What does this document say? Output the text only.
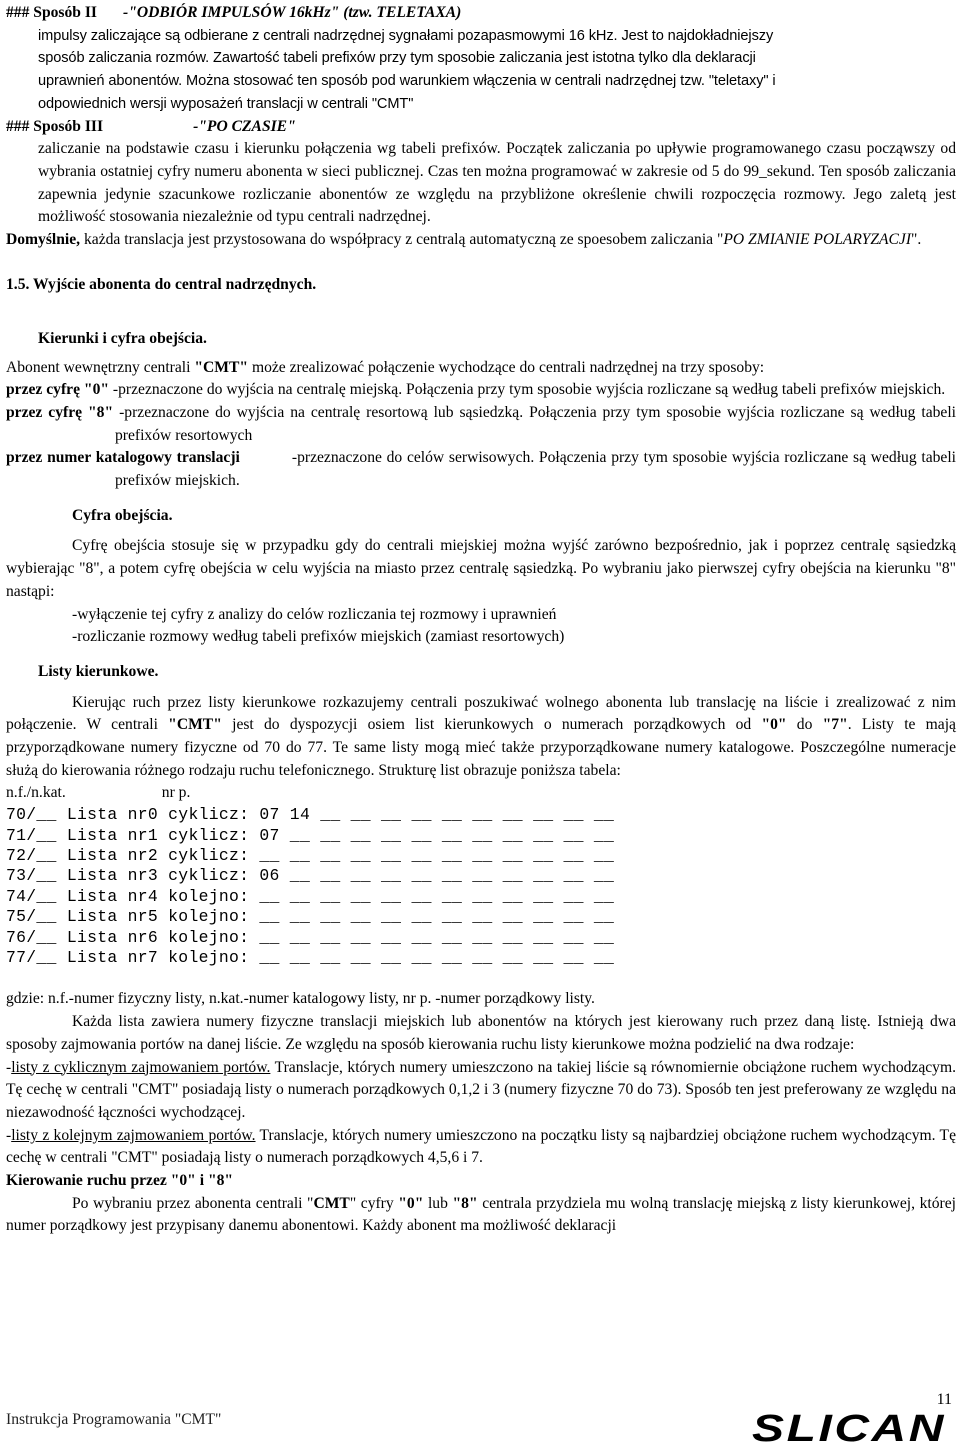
### Sposób II -"ODBIÓR IMPULSÓW 16kHz" (tzw. TELETAXA)

impulsy zaliczające są odbierane z centrali nadrzędnej sygnałami pozapasmowymi 16 kHz. Jest to najdokładniejszy

sposób zaliczania rozmów. Zawartość tabeli prefixów przy tym sposobie zaliczania jest istotna tylko dla deklaracji

uprawnień abonentów. Można stosować ten sposób pod warunkiem włączenia w centrali nadrzędnej tzw. "teletaxy" i

odpowiednich wersji wyposażeń translacji w centrali "CMT"

### Sposób III	-"PO CZASIE"

zaliczanie na podstawie czasu i kierunku połączenia wg tabeli prefixów. Początek zaliczania po upływie programowanego czasu począwszy od wybrania ostatniej cyfry numeru abonenta w sieci publicznej. Czas ten można programować w zakresie od 5 do 99_sekund. Ten sposób zaliczania zapewnia jedynie szacunkowe rozliczanie abonentów ze względu na przybliżone określenie chwili rozpoczęcia rozmowy. Jego zaletą jest możliwość stosowania niezależnie od typu centrali nadrzędnej.

Domyślnie, każda translacja jest przystosowana do współpracy z centralą automatyczną ze spoesobem zaliczania "PO ZMIANIE POLARYZACJI".

1.5. Wyjście abonenta do central nadrzędnych.

Kierunki i cyfra obejścia.

Abonent wewnętrzny centrali "CMT" może zrealizować połączenie wychodzące do centrali nadrzędnej na trzy sposoby:

przez cyfrę "0" -przeznaczone do wyjścia na centralę miejską. Połączenia przy tym sposobie wyjścia rozliczane są według tabeli prefixów miejskich.

przez cyfrę "8" -przeznaczone do wyjścia na centralę resortową lub sąsiedzką. Połączenia przy tym sposobie wyjścia rozliczane są według tabeli prefixów resortowych

przez numer katalogowy translacji	-przeznaczone do celów serwisowych. Połączenia przy tym sposobie wyjścia rozliczane są według tabeli prefixów miejskich.

Cyfra obejścia.

Cyfrę obejścia stosuje się w przypadku gdy do centrali miejskiej można wyjść zarówno bezpośrednio, jak i poprzez centralę sąsiedzką wybierając "8", a potem cyfrę obejścia w celu wyjścia na miasto przez centralę sąsiedzką. Po wybraniu jako pierwszej cyfry obejścia na kierunku "8" nastąpi:

-wyłączenie tej cyfry z analizy do celów rozliczania tej rozmowy i uprawnień

-rozliczanie rozmowy według tabeli prefixów miejskich (zamiast resortowych)

Listy kierunkowe.

Kierując ruch przez listy kierunkowe rozkazujemy centrali poszukiwać wolnego abonenta lub translację na liście i zrealizować z nim połączenie. W centrali "CMT" jest do dyspozycji osiem list kierunkowych o numerach porządkowych od "0" do "7". Listy te mają przyporządkowane numery fizyczne od 70 do 77. Te same listy mogą mieć także przyporządkowane numery katalogowe. Poszczególne numeracje służą do kierowania różnego rodzaju ruchu telefonicznego. Strukturę list obrazuje poniższa tabela:

n.f./n.kat.	nr p.

70/__ Lista nr0 cyklicz: 07 14 __ __ __ __ __ __ __ __ __ __

71/__ Lista nr1 cyklicz: 07 __ __ __ __ __ __ __ __ __ __ __

72/__ Lista nr2 cyklicz: __ __ __ __ __ __ __ __ __ __ __ __

73/__ Lista nr3 cyklicz: 06 __ __ __ __ __ __ __ __ __ __ __

74/__ Lista nr4 kolejno: __ __ __ __ __ __ __ __ __ __ __ __

75/__ Lista nr5 kolejno: __ __ __ __ __ __ __ __ __ __ __ __

76/__ Lista nr6 kolejno: __ __ __ __ __ __ __ __ __ __ __ __

77/__ Lista nr7 kolejno: __ __ __ __ __ __ __ __ __ __ __ __

gdzie: n.f.-numer fizyczny listy, n.kat.-numer katalogowy listy, nr p. -numer porządkowy listy.

Każda lista zawiera numery fizyczne translacji miejskich lub abonentów na których jest kierowany ruch przez daną listę. Istnieją dwa sposoby zajmowania portów na danej liście. Ze względu na sposób kierowania ruchu listy kierunkowe można podzielić na dwa rodzaje:

-listy z cyklicznym zajmowaniem portów. Translacje, których numery umieszczono na takiej liście są równomiernie obciążone ruchem wychodzącym. Tę cechę w centrali "CMT" posiadają listy o numerach porządkowych 0,1,2 i 3 (numery fizyczne 70 do 73). Sposób ten jest preferowany ze względu na niezawodność łączności wychodzącej.

-listy z kolejnym zajmowaniem portów. Translacje, których numery umieszczono na początku listy są najbardziej obciążone ruchem wychodzącym. Tę cechę w centrali "CMT" posiadają listy o numerach porządkowych 4,5,6 i 7.

Kierowanie ruchu przez "0" i "8"

Po wybraniu przez abonenta centrali "CMT" cyfry "0" lub "8" centrala przydziela mu wolną translację miejską z listy kierunkowej, której numer porządkowy jest przypisany danemu abonentowi. Każdy abonent ma możliwość deklaracji

Instrukcja Programowania "CMT"
11
SLICAN
